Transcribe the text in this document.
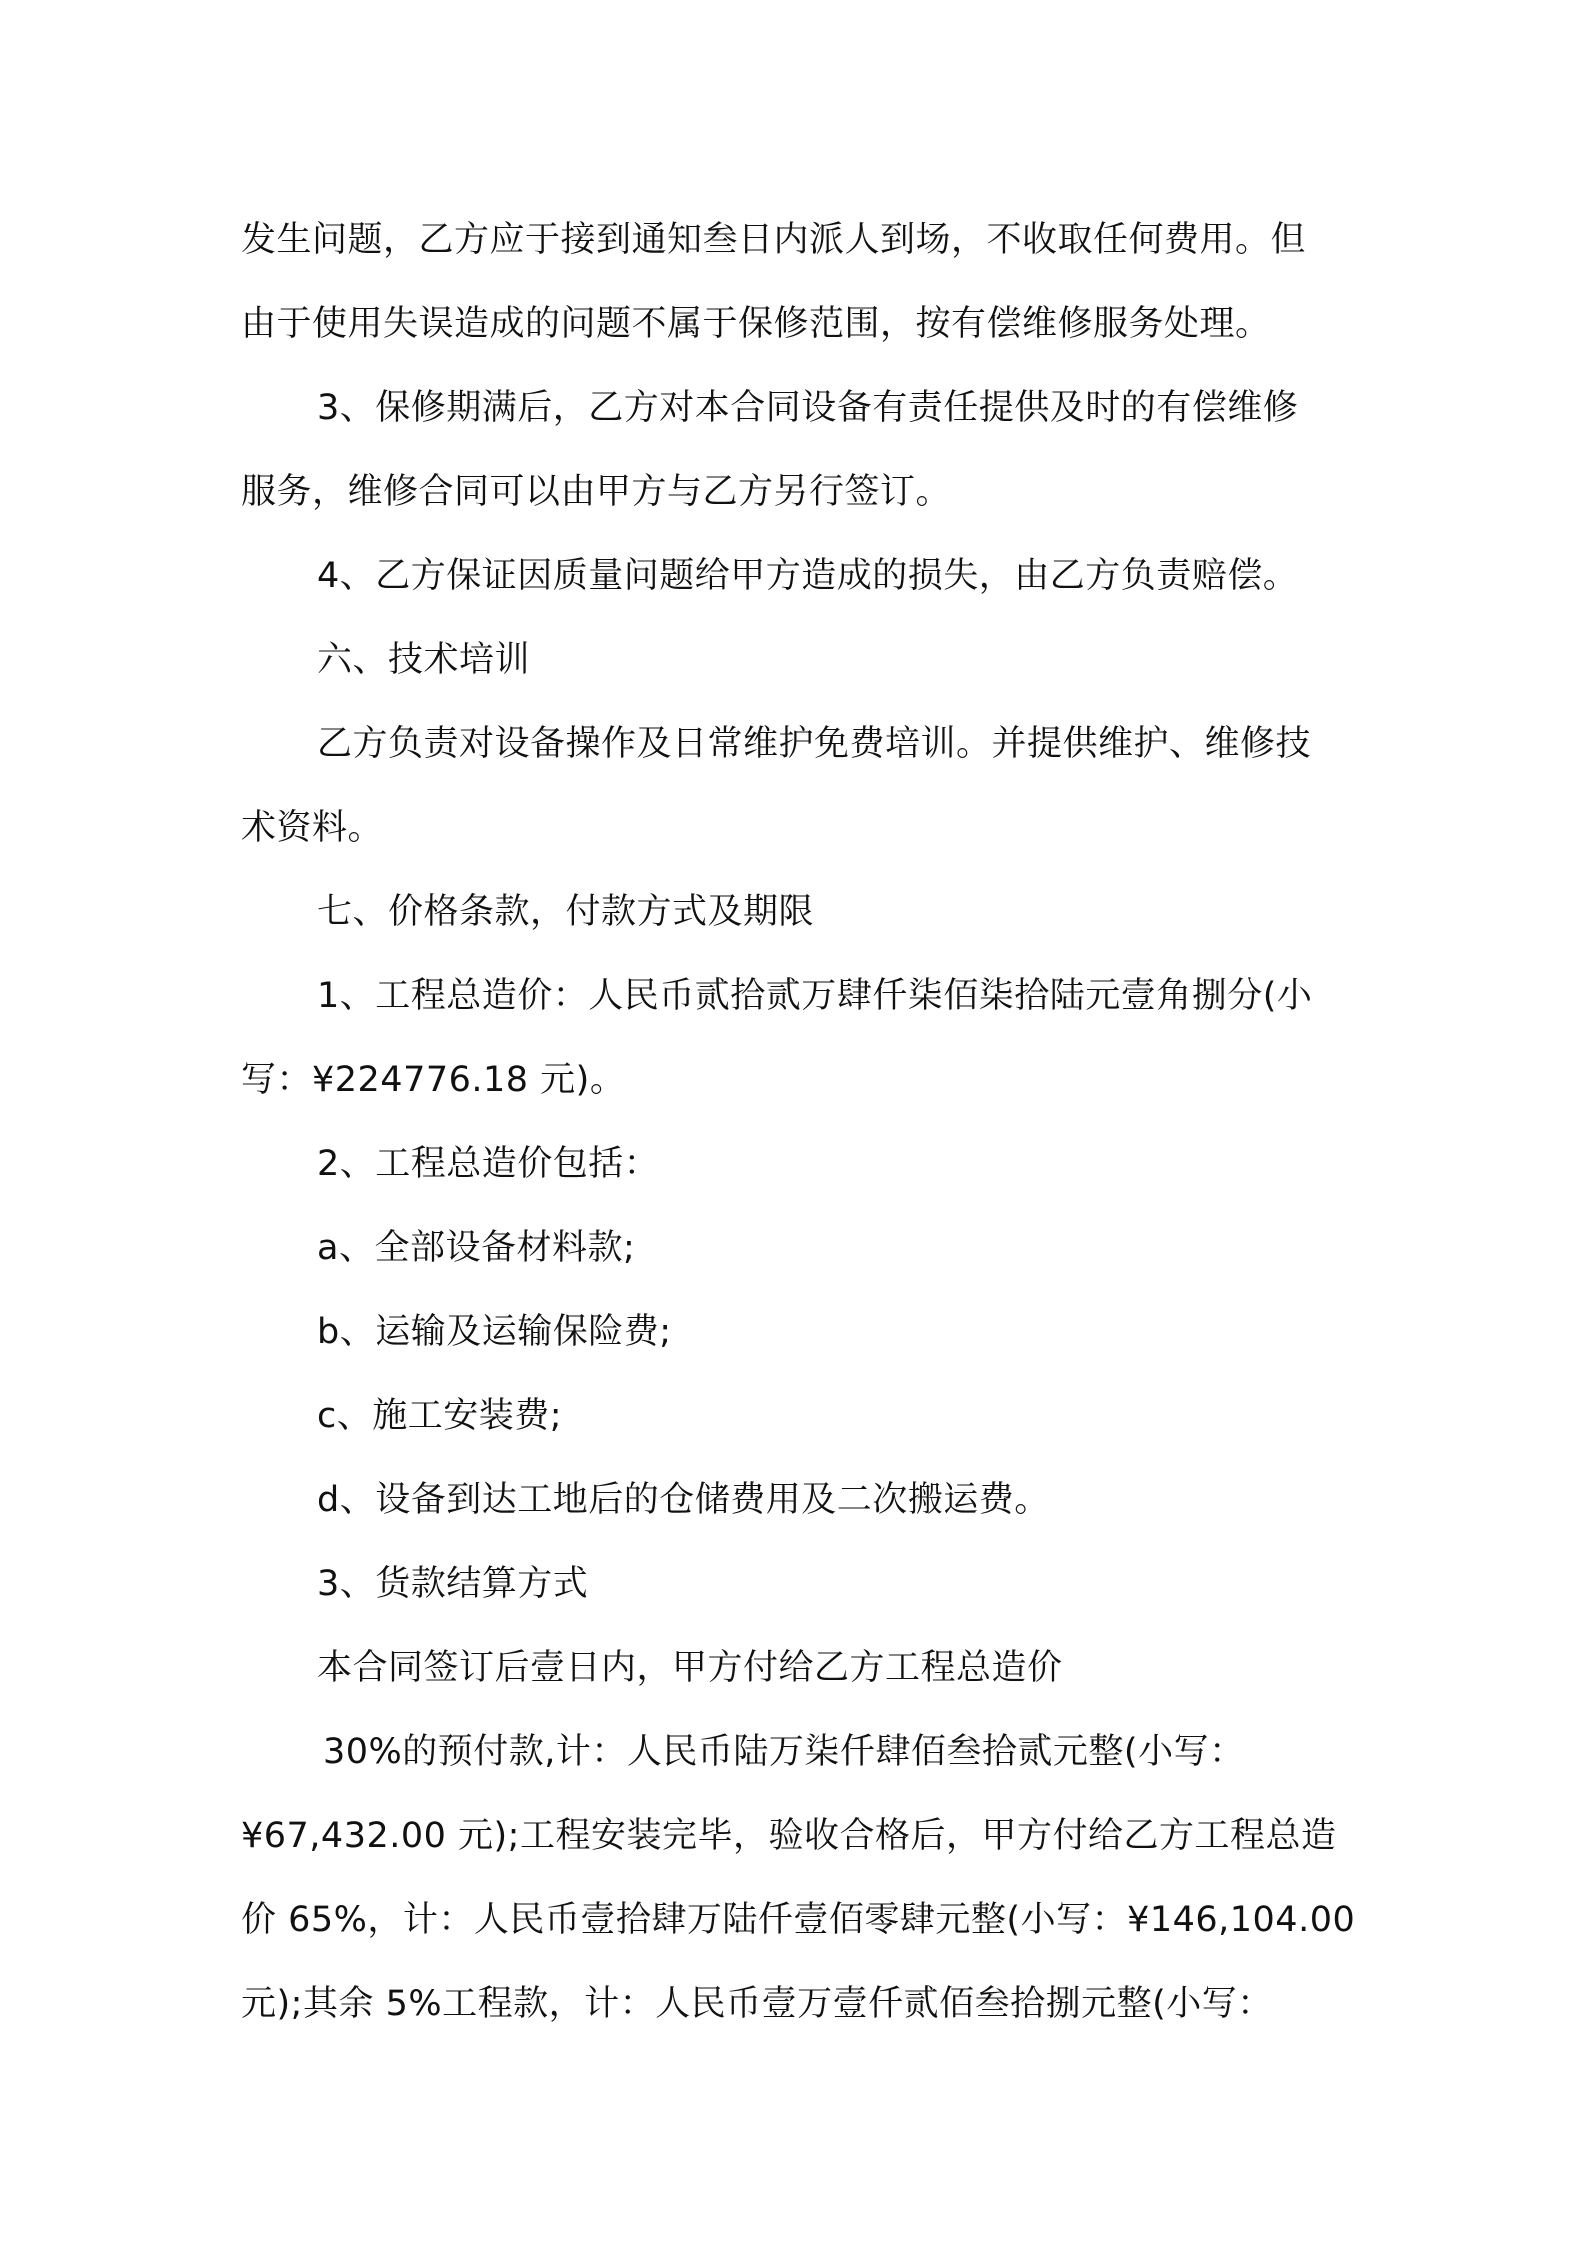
发生问题，乙方应于接到通知叁日内派人到场，不收取任何费用。但
由于使用失误造成的问题不属于保修范围，按有偿维修服务处理。
3、保修期满后，乙方对本合同设备有责任提供及时的有偿维修
服务，维修合同可以由甲方与乙方另行签订。
4、乙方保证因质量问题给甲方造成的损失，由乙方负责赔偿。
六、技术培训
乙方负责对设备操作及日常维护免费培训。并提供维护、维修技
术资料。
七、价格条款，付款方式及期限
1、工程总造价：人民币贰拾贰万肆仟柒佰柒拾陆元壹角捌分(小
写：¥224776.18 元)。
2、工程总造价包括：
a、全部设备材料款;
b、运输及运输保险费;
c、施工安装费;
d、设备到达工地后的仓储费用及二次搬运费。
3、货款结算方式
本合同签订后壹日内，甲方付给乙方工程总造价
30%的预付款,计：人民币陆万柒仟肆佰叁拾贰元整(小写：
¥67,432.00 元);工程安装完毕，验收合格后，甲方付给乙方工程总造
价 65%，计：人民币壹拾肆万陆仟壹佰零肆元整(小写：¥146,104.00
元);其余 5%工程款，计：人民币壹万壹仟贰佰叁拾捌元整(小写：
